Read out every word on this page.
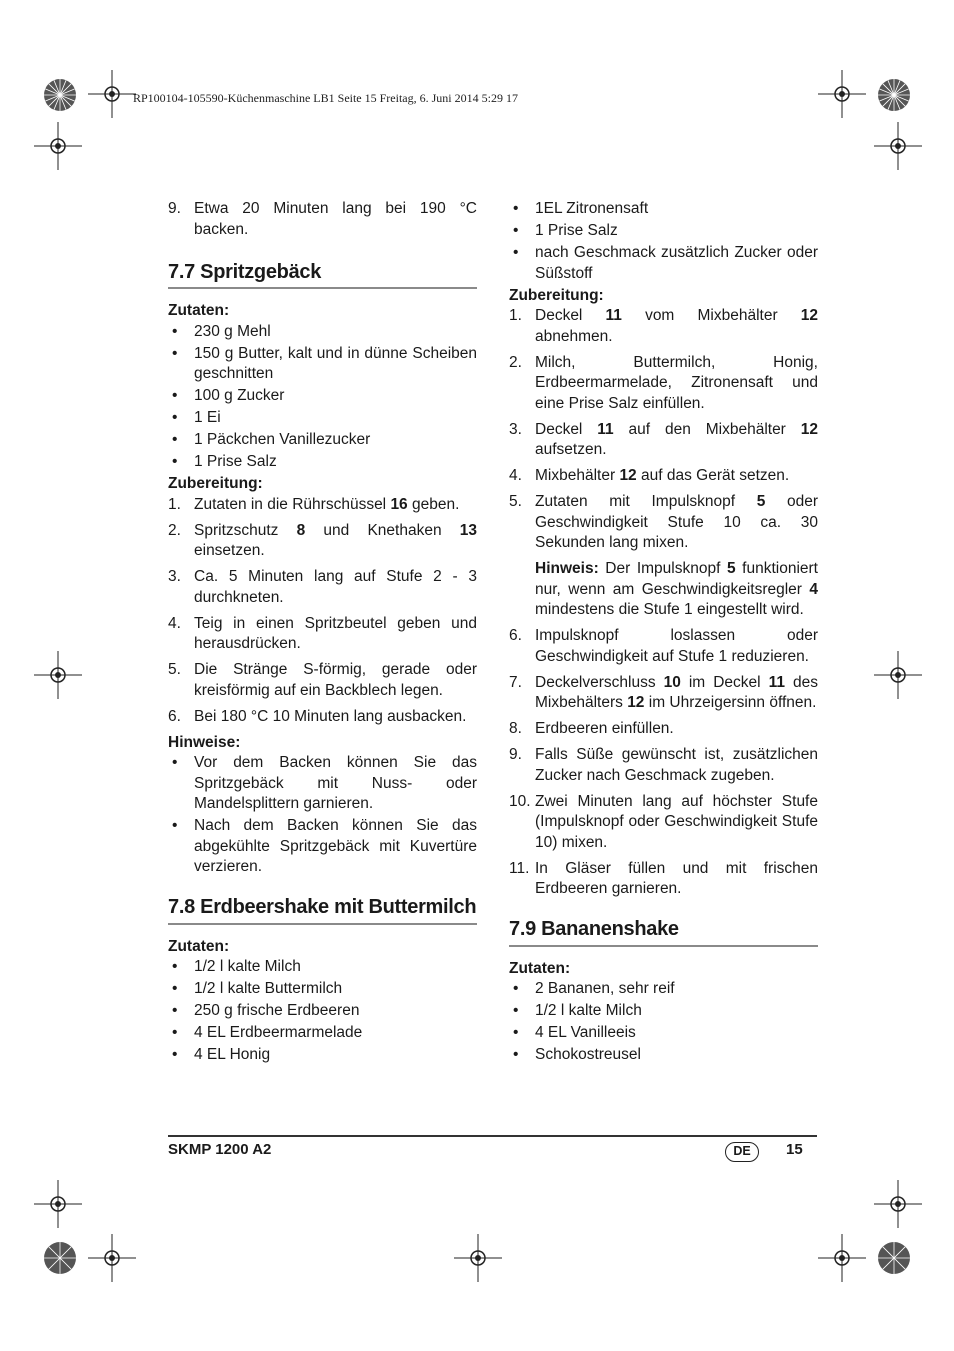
RP100104-105590-Küchenmaschine LB1 Seite 15 Freitag, 6. Juni 2014 5:29 17
9. Etwa 20 Minuten lang bei 190 °C backen.
7.7 Spritzgebäck

Zutaten:

• 230 g Mehl
• 150 g Butter, kalt und in dünne Scheiben geschnitten
• 100 g Zucker
• 1 Ei
• 1 Päckchen Vanillezucker
• 1 Prise Salz

Zubereitung:

1. Zutaten in die Rührschüssel 16 geben.
2. Spritzschutz 8 und Knethaken 13 einsetzen.
3. Ca. 5 Minuten lang auf Stufe 2 - 3 durchkneten.
4. Teig in einen Spritzbeutel geben und herausdrücken.
5. Die Stränge S-förmig, gerade oder kreisförmig auf ein Backblech legen.
6. Bei 180 °C 10 Minuten lang ausbacken.

Hinweise:

• Vor dem Backen können Sie das Spritzgebäck mit Nuss- oder Mandelsplittern garnieren.
• Nach dem Backen können Sie das abgekühlte Spritzgebäck mit Kuvertüre verzieren.
7.8 Erdbeershake mit Buttermilch

Zutaten:

• 1/2 l kalte Milch
• 1/2 l kalte Buttermilch
• 250 g frische Erdbeeren
• 4 EL Erdbeermarmelade
• 4 EL Honig
• 1EL Zitronensaft
• 1 Prise Salz
• nach Geschmack zusätzlich Zucker oder Süßstoff

Zubereitung:

1. Deckel 11 vom Mixbehälter 12 abnehmen.
2. Milch, Buttermilch, Honig, Erdbeermarmelade, Zitronensaft und eine Prise Salz einfüllen.
3. Deckel 11 auf den Mixbehälter 12 aufsetzen.
4. Mixbehälter 12 auf das Gerät setzen.
5. Zutaten mit Impulsknopf 5 oder Geschwindigkeit Stufe 10 ca. 30 Sekunden lang mixen.

Hinweis: Der Impulsknopf 5 funktioniert nur, wenn am Geschwindigkeitsregler 4 mindestens die Stufe 1 eingestellt wird.

6. Impulsknopf loslassen oder Geschwindigkeit auf Stufe 1 reduzieren.
7. Deckelverschluss 10 im Deckel 11 des Mixbehälters 12 im Uhrzeigersinn öffnen.
8. Erdbeeren einfüllen.
9. Falls Süße gewünscht ist, zusätzlichen Zucker nach Geschmack zugeben.
10. Zwei Minuten lang auf höchster Stufe (Impulsknopf oder Geschwindigkeit Stufe 10) mixen.
11. In Gläser füllen und mit frischen Erdbeeren garnieren.
7.9 Bananenshake

Zutaten:

• 2 Bananen, sehr reif
• 1/2 l kalte Milch
• 4 EL Vanilleeis
• Schokostreusel
SKMP 1200 A2	DE	15
